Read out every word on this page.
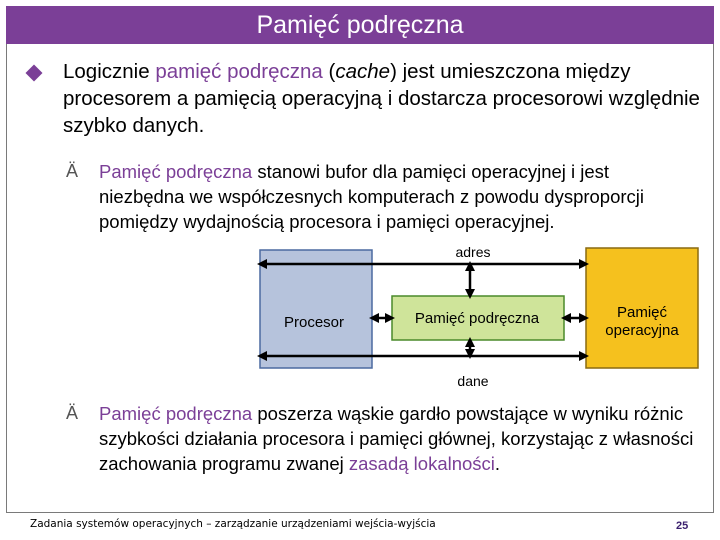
Pamięć podręczna
Logicznie pamięć podręczna (cache) jest umieszczona między procesorem a pamięcią operacyjną i dostarcza procesorowi względnie szybko danych.
Ä Pamięć podręczna stanowi bufor dla pamięci operacyjnej i jest niezbędna we współczesnych komputerach z powodu dysproporcji pomiędzy wydajnością procesora i pamięci operacyjnej.
adres
dane
Procesor	Pamięć podręczna	Pamięć
operacyjna
Ä Pamięć podręczna poszerza wąskie gardło powstające w wyniku różnic szybkości działania procesora i pamięci głównej, korzystając z własności zachowania programu zwanej zasadą lokalności.
Zadania systemów operacyjnych – zarządzanie urządzeniami wejścia-wyjścia	25
